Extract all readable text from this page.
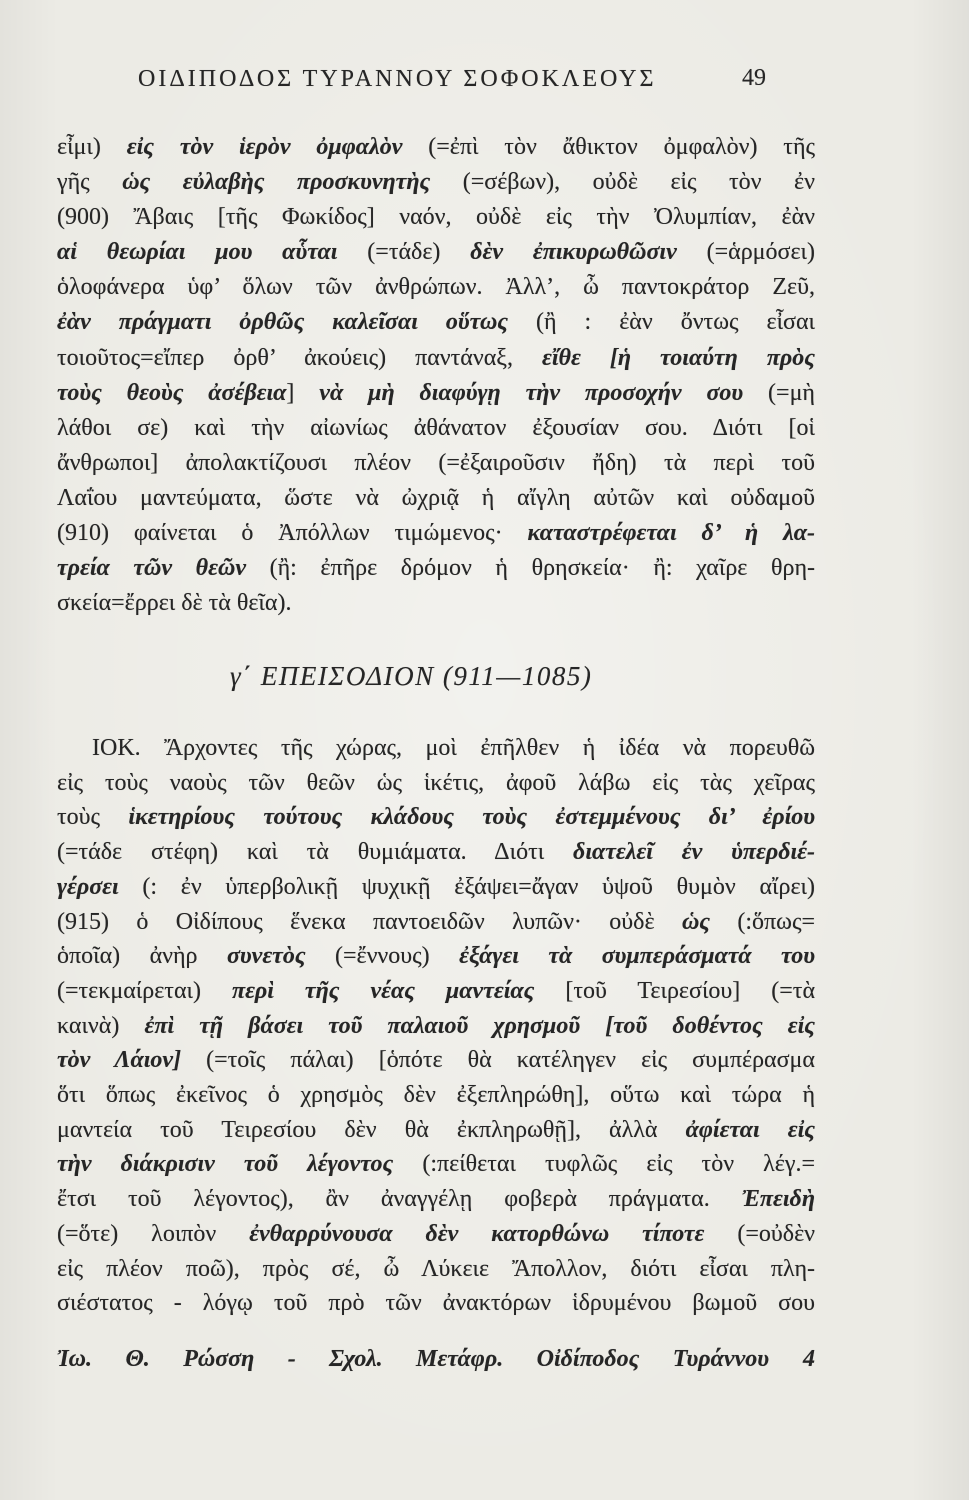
ΟΙΔΙΠΟΔΟΣ ΤΥΡΑΝΝΟΥ ΣΟΦΟΚΛΕΟΥΣ	49
εἶμι) εἰς τὸν ἱερὸν ὀμφαλὸν (=ἐπὶ τὸν ἄθικτον ὀμφαλὸν) τῆς
γῆς ὡς εὐλαβὴς προσκυνητὴς (=σέβων), οὐδὲ εἰς τὸν ἐν
(900) Ἄβαις [τῆς Φωκίδος] ναόν, οὐδὲ εἰς τὴν Ὀλυμπίαν, ἐὰν
αἱ θεωρίαι μου αὗται (=τάδε) δὲν ἐπικυρωθῶσιν (=ἁρμόσει)
ὁλοφάνερα ὑφ’ ὅλων τῶν ἀνθρώπων. Ἀλλ’, ὦ παντοκράτορ Ζεῦ,
ἐὰν πράγματι ὀρθῶς καλεῖσαι οὕτως (ἢ : ἐὰν ὄντως εἶσαι
τοιοῦτος=εἴπερ ὀρθ’ ἀκούεις) παντάναξ, εἴθε [ἡ τοιαύτη πρὸς
τοὺς θεοὺς ἀσέβεια] νὰ μὴ διαφύγῃ τὴν προσοχήν σου (=μὴ
λάθοι σε) καὶ τὴν αἰωνίως ἀθάνατον ἐξουσίαν σου. Διότι [οἱ
ἄνθρωποι] ἀπολακτίζουσι πλέον (=ἐξαιροῦσιν ἤδη) τὰ περὶ τοῦ
Λαΐου μαντεύματα, ὥστε νὰ ὠχριᾷ ἡ αἴγλη αὐτῶν καὶ οὐδαμοῦ
(910) φαίνεται ὁ Ἀπόλλων τιμώμενος· καταστρέφεται δ’ ἡ λα-
τρεία τῶν θεῶν (ἢ: ἐπῆρε δρόμον ἡ θρησκεία· ἢ: χαῖρε θρη-
σκεία=ἔρρει δὲ τὰ θεῖα).
γ΄ ΕΠΕΙΣΟΔΙΟΝ (911—1085)
ΙΟΚ. Ἄρχοντες τῆς χώρας, μοὶ ἐπῆλθεν ἡ ἰδέα νὰ πορευθῶ
εἰς τοὺς ναοὺς τῶν θεῶν ὡς ἱκέτις, ἀφοῦ λάβω εἰς τὰς χεῖρας
τοὺς ἱκετηρίους τούτους κλάδους τοὺς ἐστεμμένους δι’ ἐρίου
(=τάδε στέφη) καὶ τὰ θυμιάματα. Διότι διατελεῖ ἐν ὑπερδιέ-
γέρσει (: ἐν ὑπερβολικῇ ψυχικῇ ἐξάψει=ἄγαν ὑψοῦ θυμὸν αἴρει)
(915) ὁ Οἰδίπους ἕνεκα παντοειδῶν λυπῶν· οὐδὲ ὡς (:ὅπως=
ὁποῖα) ἀνὴρ συνετὸς (=ἔννους) ἐξάγει τὰ συμπεράσματά του
(=τεκμαίρεται) περὶ τῆς νέας μαντείας [τοῦ Τειρεσίου] (=τὰ
καινὰ) ἐπὶ τῇ βάσει τοῦ παλαιοῦ χρησμοῦ [τοῦ δοθέντος εἰς
τὸν Λάιον] (=τοῖς πάλαι) [ὁπότε θὰ κατέληγεν εἰς συμπέρασμα
ὅτι ὅπως ἐκεῖνος ὁ χρησμὸς δὲν ἐξεπληρώθη], οὕτω καὶ τώρα ἡ
μαντεία τοῦ Τειρεσίου δὲν θὰ ἐκπληρωθῇ], ἀλλὰ ἀφίεται εἰς
τὴν διάκρισιν τοῦ λέγοντος (:πείθεται τυφλῶς εἰς τὸν λέγ.=
ἔτσι τοῦ λέγοντος), ἂν ἀναγγέλῃ φοβερὰ πράγματα. Ἐπειδὴ
(=ὅτε) λοιπὸν ἐνθαρρύνουσα δὲν κατορθώνω τίποτε (=οὐδὲν
εἰς πλέον ποῶ), πρὸς σέ, ὦ Λύκειε Ἄπολλον, διότι εἶσαι πλη-
σιέστατος - λόγῳ τοῦ πρὸ τῶν ἀνακτόρων ἱδρυμένου βωμοῦ σου
Ἰω. Θ. Ρώσση - Σχολ. Μετάφρ. Οἰδίποδος Τυράννου 4
